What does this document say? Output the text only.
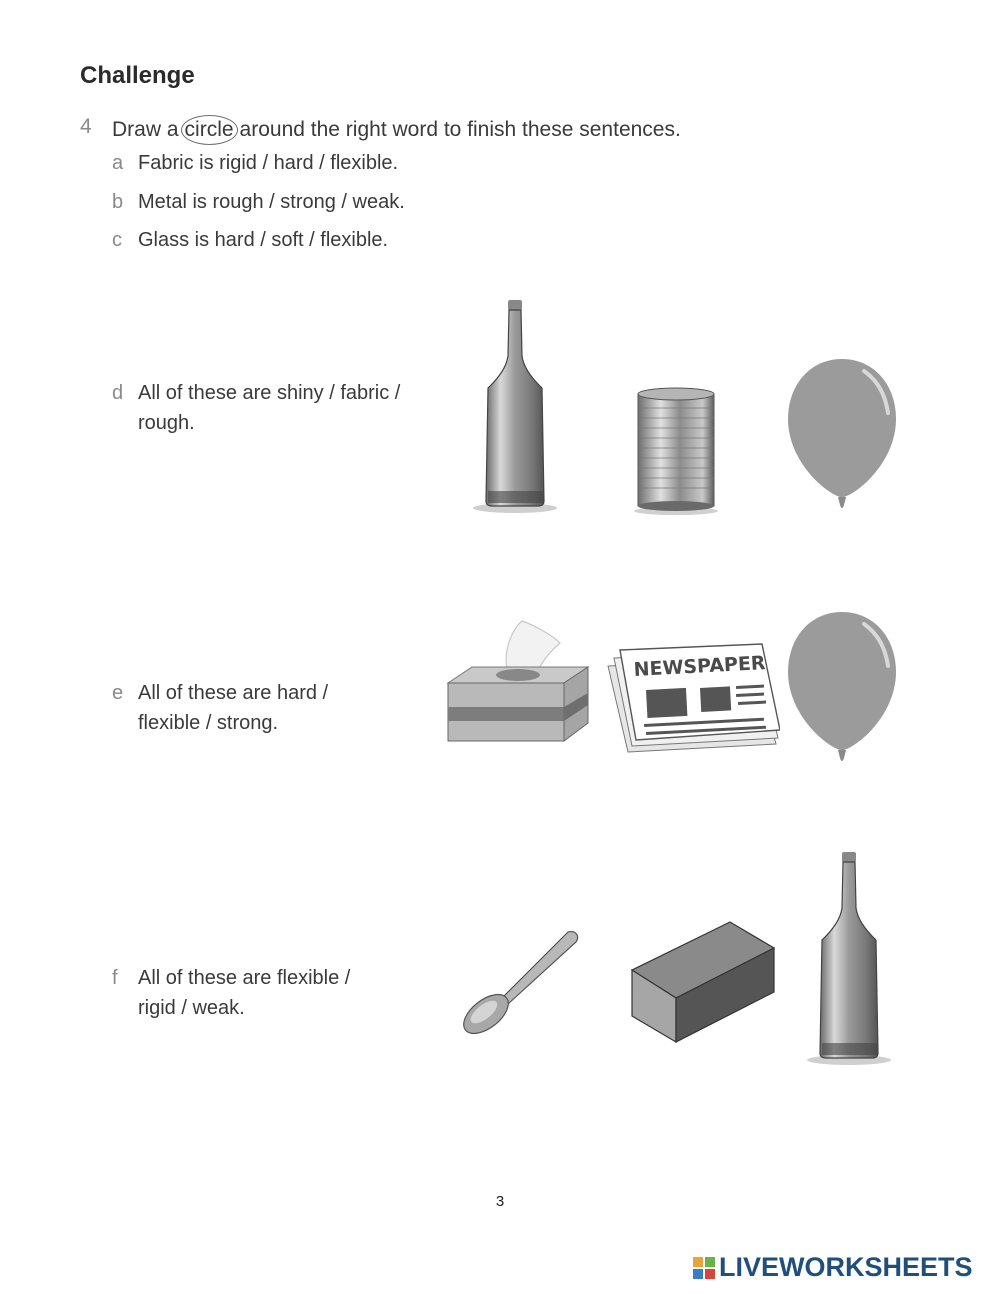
Challenge
4 Draw a circle around the right word to finish these sentences.
a Fabric is rigid / hard / flexible.
b Metal is rough / strong / weak.
c Glass is hard / soft / flexible.
d All of these are shiny / fabric /
rough.
e All of these are hard /
flexible / strong.
f All of these are flexible /
rigid / weak.
NEWSPAPER
3
LIVEWORKSHEETS
